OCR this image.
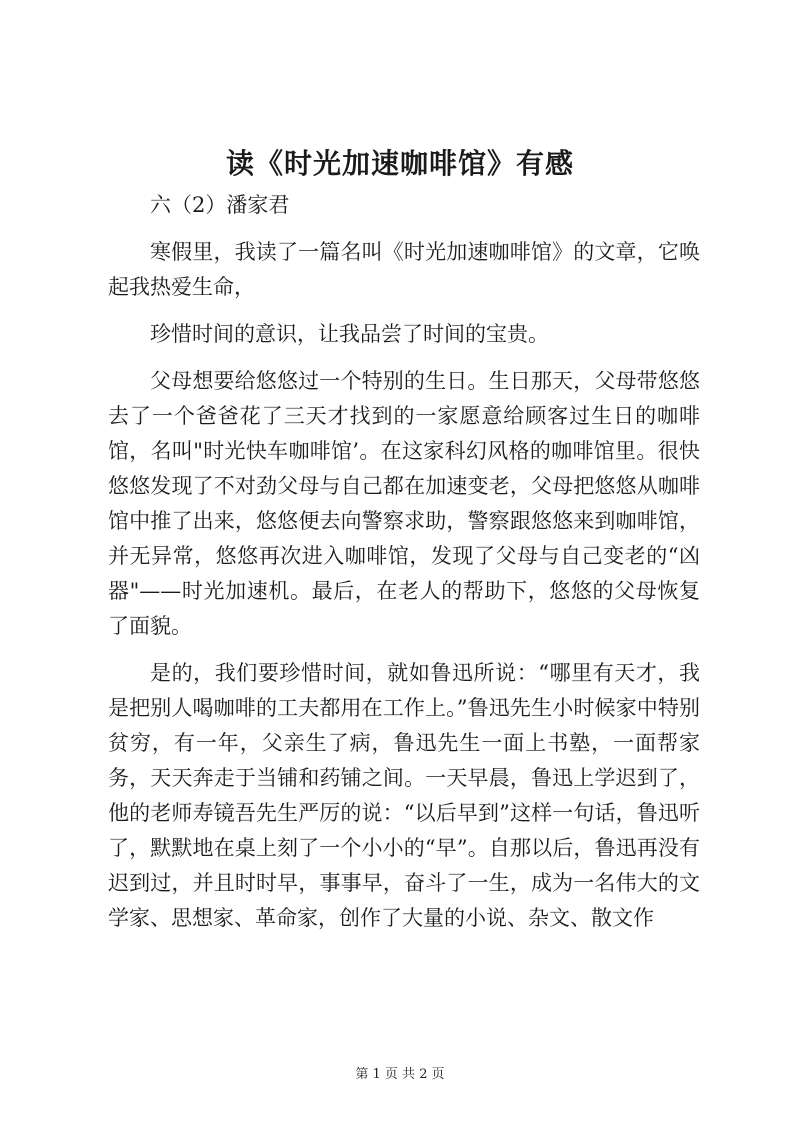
读《时光加速咖啡馆》有感

六（2）潘家君

寒假里，我读了一篇名叫《时光加速咖啡馆》的文章，它唤起我热爱生命，

珍惜时间的意识，让我品尝了时间的宝贵。

父母想要给悠悠过一个特别的生日。生日那天，父母带悠悠去了一个爸爸花了三天才找到的一家愿意给顾客过生日的咖啡馆，名叫"时光快车咖啡馆’。在这家科幻风格的咖啡馆里。很快悠悠发现了不对劲父母与自己都在加速变老，父母把悠悠从咖啡馆中推了出来，悠悠便去向警察求助，警察跟悠悠来到咖啡馆，并无异常，悠悠再次进入咖啡馆，发现了父母与自己变老的“凶器"——时光加速机。最后，在老人的帮助下，悠悠的父母恢复了面貌。

是的，我们要珍惜时间，就如鲁迅所说：“哪里有天才，我是把别人喝咖啡的工夫都用在工作上。”鲁迅先生小时候家中特别贫穷，有一年，父亲生了病，鲁迅先生一面上书塾，一面帮家务，天天奔走于当铺和药铺之间。一天早晨，鲁迅上学迟到了，他的老师寿镜吾先生严厉的说：“以后早到”这样一句话，鲁迅听了，默默地在桌上刻了一个小小的“早”。自那以后，鲁迅再没有迟到过，并且时时早，事事早，奋斗了一生，成为一名伟大的文学家、思想家、革命家，创作了大量的小说、杂文、散文作

第 1 页 共 2 页
